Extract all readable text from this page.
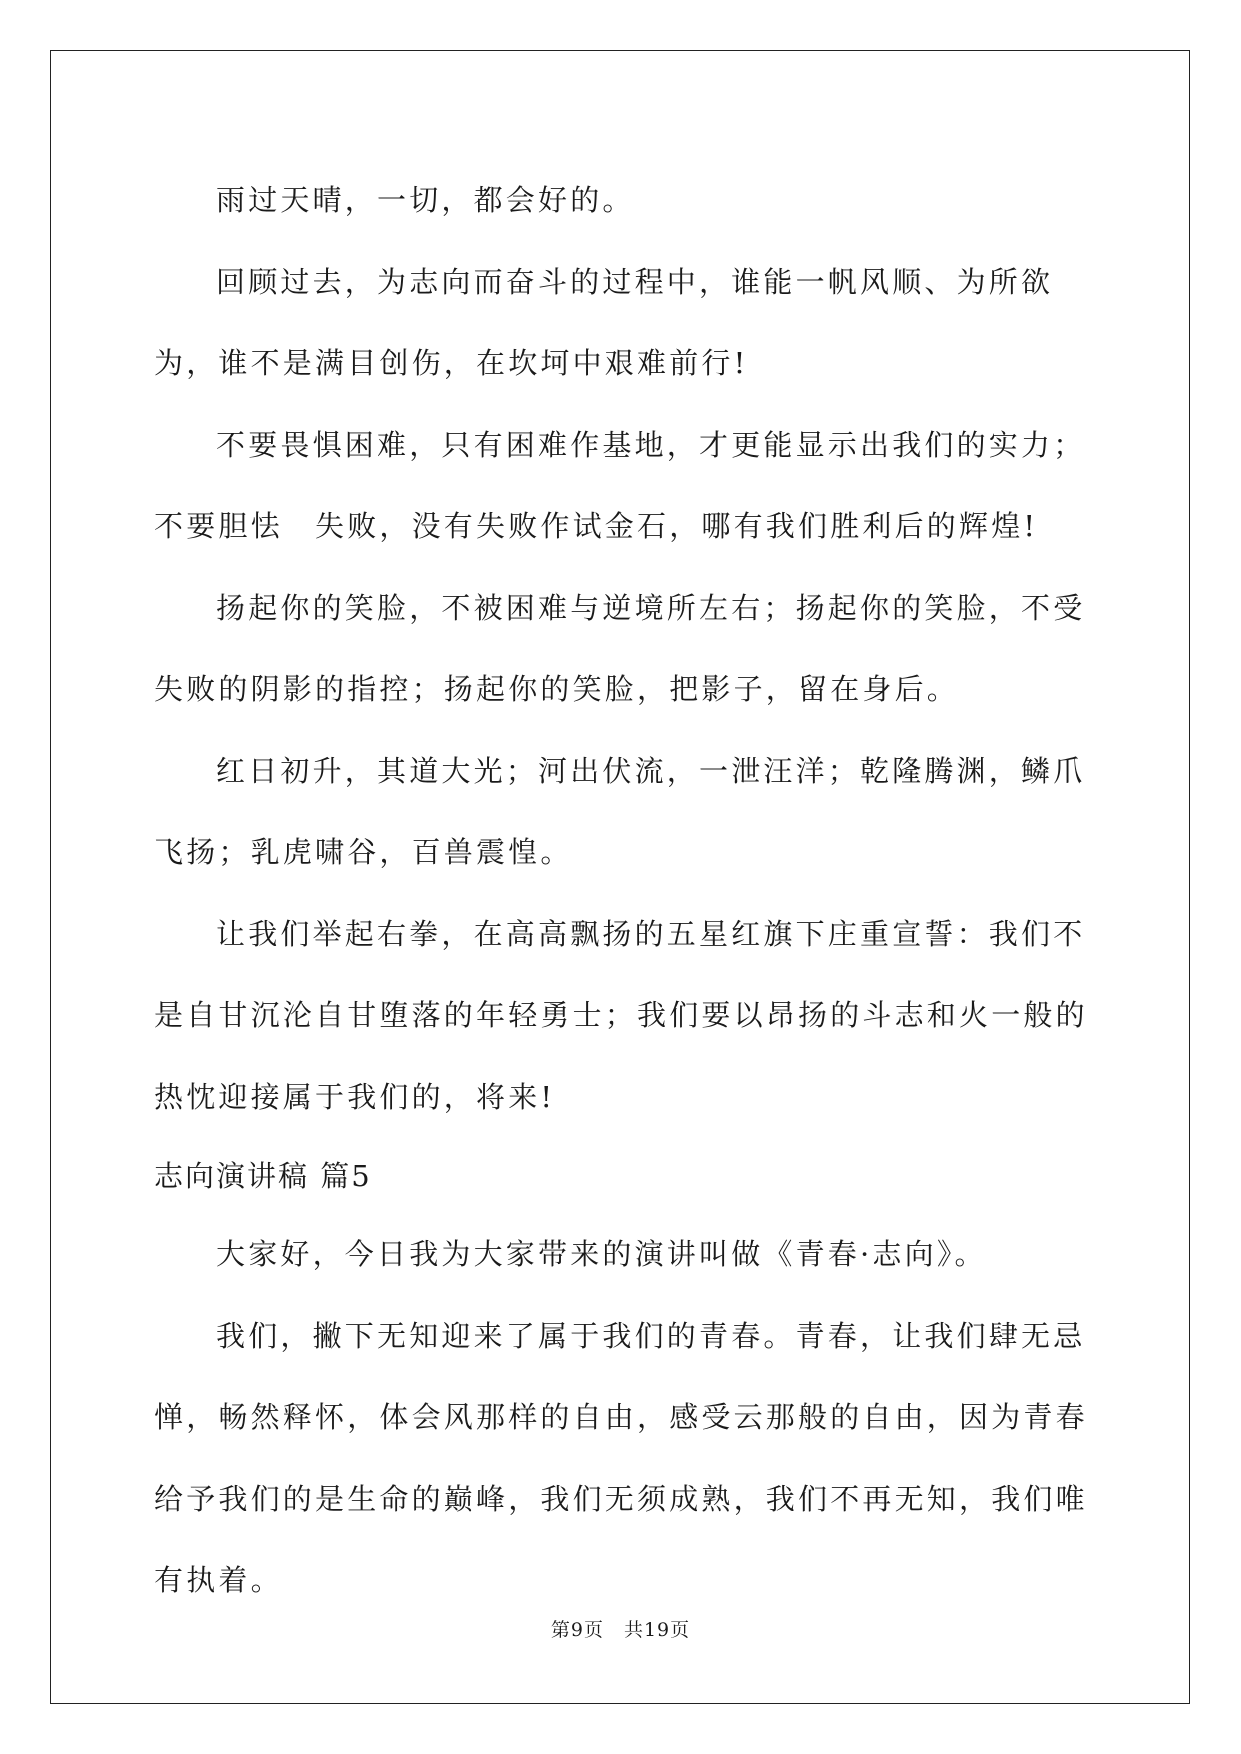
雨过天晴，一切，都会好的。

回顾过去，为志向而奋斗的过程中，谁能一帆风顺、为所欲为，谁不是满目创伤，在坎坷中艰难前行!

不要畏惧困难，只有困难作基地，才更能显示出我们的实力；不要胆怯　失败，没有失败作试金石，哪有我们胜利后的辉煌!

扬起你的笑脸，不被困难与逆境所左右；扬起你的笑脸，不受失败的阴影的指控；扬起你的笑脸，把影子，留在身后。

红日初升，其道大光；河出伏流，一泄汪洋；乾隆腾渊，鳞爪飞扬；乳虎啸谷，百兽震惶。

让我们举起右拳，在高高飘扬的五星红旗下庄重宣誓：我们不是自甘沉沦自甘堕落的年轻勇士；我们要以昂扬的斗志和火一般的热忱迎接属于我们的，将来!

志向演讲稿 篇5

大家好，今日我为大家带来的演讲叫做《青春·志向》。

我们，撇下无知迎来了属于我们的青春。青春，让我们肆无忌惮，畅然释怀，体会风那样的自由，感受云那般的自由，因为青春给予我们的是生命的巅峰，我们无须成熟，我们不再无知，我们唯有执着。

第9页　共19页
